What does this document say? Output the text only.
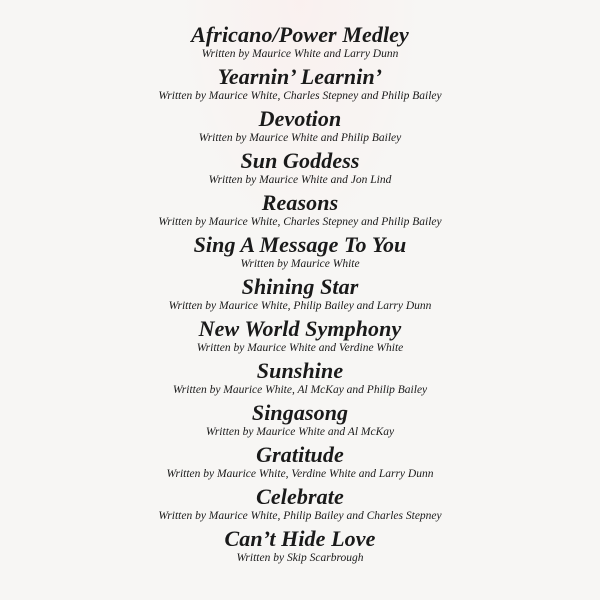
Africano/Power Medley
Written by Maurice White and Larry Dunn
Yearnin’ Learnin’
Written by Maurice White, Charles Stepney and Philip Bailey
Devotion
Written by Maurice White and Philip Bailey
Sun Goddess
Written by Maurice White and Jon Lind
Reasons
Written by Maurice White, Charles Stepney and Philip Bailey
Sing A Message To You
Written by Maurice White
Shining Star
Written by Maurice White, Philip Bailey and Larry Dunn
New World Symphony
Written by Maurice White and Verdine White
Sunshine
Written by Maurice White, Al McKay and Philip Bailey
Singasong
Written by Maurice White and Al McKay
Gratitude
Written by Maurice White, Verdine White and Larry Dunn
Celebrate
Written by Maurice White, Philip Bailey and Charles Stepney
Can’t Hide Love
Written by Skip Scarbrough
